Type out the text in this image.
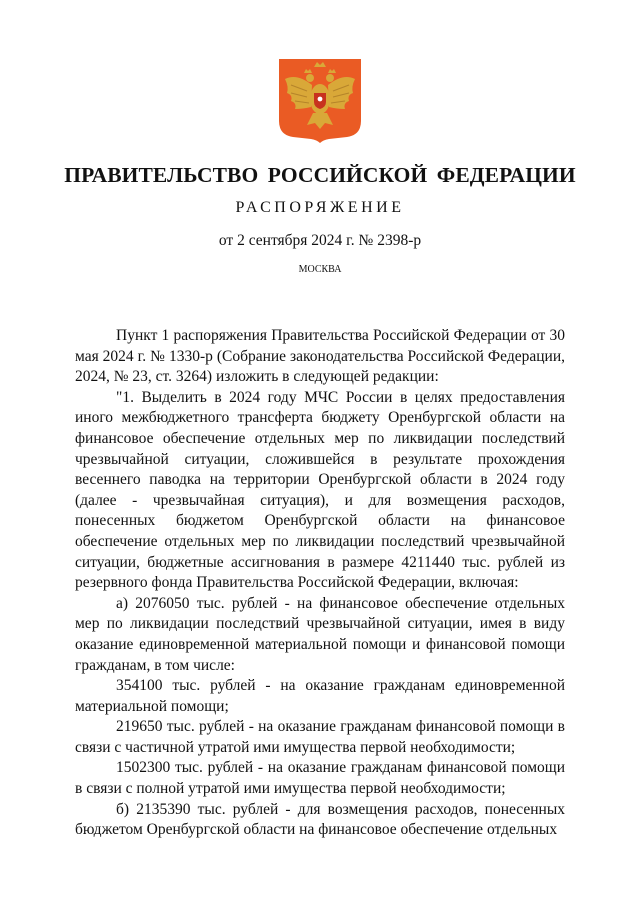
ПРАВИТЕЛЬСТВО РОССИЙСКОЙ ФЕДЕРАЦИИ
РАСПОРЯЖЕНИЕ
от 2 сентября 2024 г. № 2398-р
МОСКВА

Пункт 1 распоряжения Правительства Российской Федерации от 30 мая 2024 г. № 1330-р (Собрание законодательства Российской Федерации, 2024, № 23, ст. 3264) изложить в следующей редакции:

"1. Выделить в 2024 году МЧС России в целях предоставления иного межбюджетного трансферта бюджету Оренбургской области на финансовое обеспечение отдельных мер по ликвидации последствий чрезвычайной ситуации, сложившейся в результате прохождения весеннего паводка на территории Оренбургской области в 2024 году (далее - чрезвычайная ситуация), и для возмещения расходов, понесенных бюджетом Оренбургской области на финансовое обеспечение отдельных мер по ликвидации последствий чрезвычайной ситуации, бюджетные ассигнования в размере 4211440 тыс. рублей из резервного фонда Правительства Российской Федерации, включая:

а) 2076050 тыс. рублей - на финансовое обеспечение отдельных мер по ликвидации последствий чрезвычайной ситуации, имея в виду оказание единовременной материальной помощи и финансовой помощи гражданам, в том числе:

354100 тыс. рублей - на оказание гражданам единовременной материальной помощи;

219650 тыс. рублей - на оказание гражданам финансовой помощи в связи с частичной утратой ими имущества первой необходимости;

1502300 тыс. рублей - на оказание гражданам финансовой помощи в связи с полной утратой ими имущества первой необходимости;

б) 2135390 тыс. рублей - для возмещения расходов, понесенных бюджетом Оренбургской области на финансовое обеспечение отдельных
